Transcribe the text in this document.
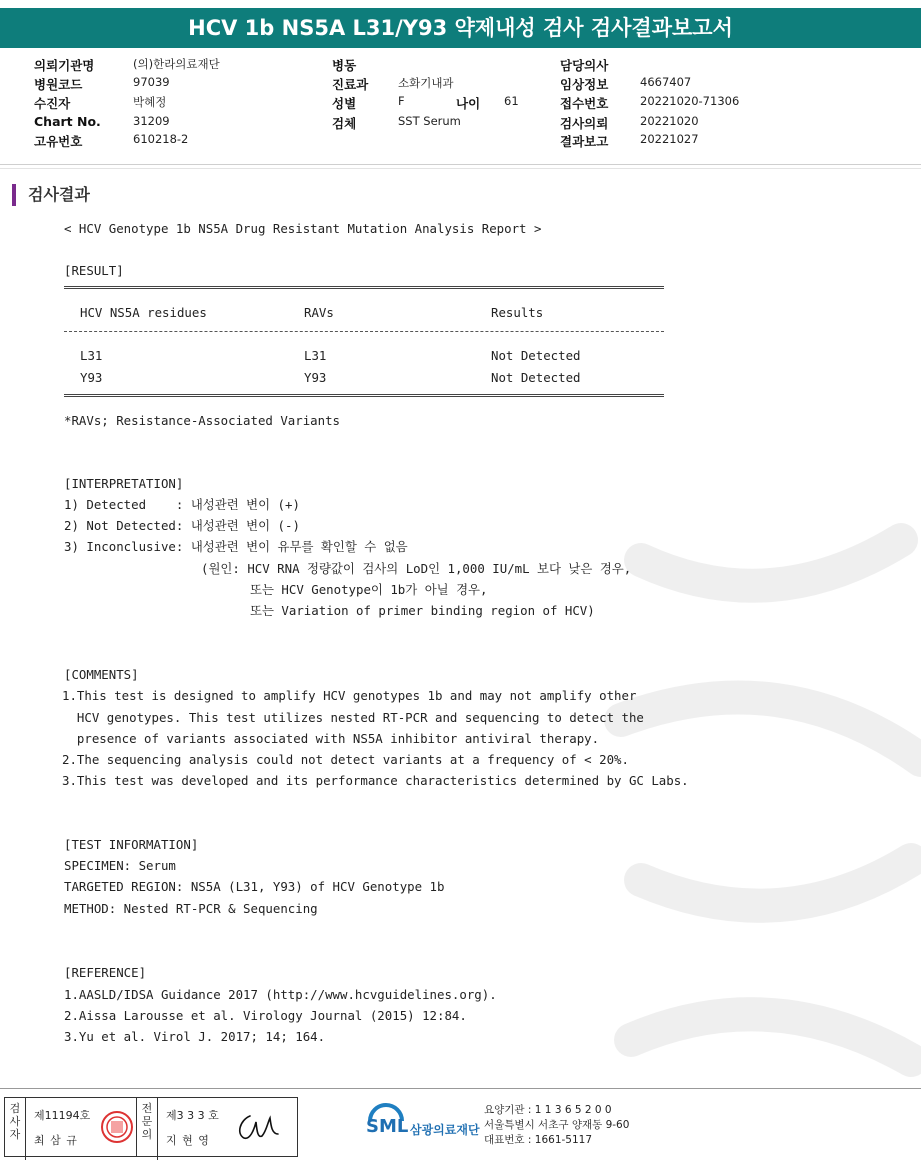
HCV 1b NS5A L31/Y93 약제내성 검사 검사결과보고서
의뢰기관명	(의)한라의료재단	병동	담당의사
병원코드	97039	진료과	소화기내과	임상정보	4667407
수진자	박혜정	성별	F	나이 61	접수번호	20221020-71306
Chart No.	31209	검체	SST Serum	검사의뢰	20221020
고유번호	610218-2	결과보고	20221027
검사결과
< HCV Genotype 1b NS5A Drug Resistant Mutation Analysis Report >
[RESULT]
HCV NS5A residues	RAVs	Results
L31	L31	Not Detected
Y93	Y93	Not Detected
*RAVs; Resistance-Associated Variants
[INTERPRETATION]
1) Detected    : 내성관련 변이 (+)
2) Not Detected: 내성관련 변이 (-)
3) Inconclusive: 내성관련 변이 유무를 확인할 수 없음
(원인: HCV RNA 정량값이 검사의 LoD인 1,000 IU/mL 보다 낮은 경우,
또는 HCV Genotype이 1b가 아닐 경우,
또는 Variation of primer binding region of HCV)
[COMMENTS]
1.This test is designed to amplify HCV genotypes 1b and may not amplify other
HCV genotypes. This test utilizes nested RT-PCR and sequencing to detect the
presence of variants associated with NS5A inhibitor antiviral therapy.
2.The sequencing analysis could not detect variants at a frequency of < 20%.
3.This test was developed and its performance characteristics determined by GC Labs.
[TEST INFORMATION]
SPECIMEN: Serum
TARGETED REGION: NS5A (L31, Y93) of HCV Genotype 1b
METHOD: Nested RT-PCR & Sequencing
[REFERENCE]
1.AASLD/IDSA Guidance 2017 (http://www.hcvguidelines.org).
2.Aissa Larousse et al. Virology Journal (2015) 12:84.
3.Yu et al. Virol J. 2017; 14; 164.
검사자
제11194호
최 삼 규
전문의
제3 3 3 호
지 현 영
SML 삼광의료재단
요양기관 : 1 1 3 6 5 2 0 0
서울특별시 서초구 양재동 9-60
대표번호 : 1661-5117
